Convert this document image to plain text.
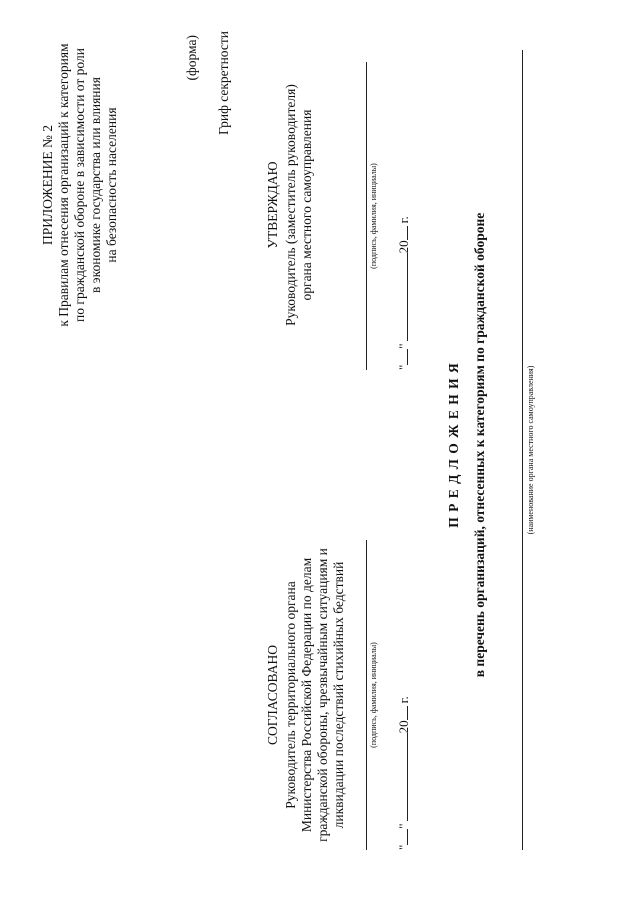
ПРИЛОЖЕНИЕ № 2 к Правилам отнесения организаций к категориям по гражданской обороне в зависимости от роли в экономике государства или влияния на безопасность населения
(форма) Гриф секретности
УТВЕРЖДАЮ Руководитель (заместитель руководителя) органа местного самоуправления	(подпись, фамилия, инициалы)
""20г.
СОГЛАСОВАНО Руководитель территориального органа Министерства Российской Федерации по делам гражданской обороны, чрезвычайным ситуациям и ликвидации последствий стихийных бедствий	(подпись, фамилия, инициалы)
""20г.
П Р Е Д Л О Ж Е Н И Я в перечень организаций, отнесенных к категориям по гражданской обороне	(наименование органа местного самоуправления)
